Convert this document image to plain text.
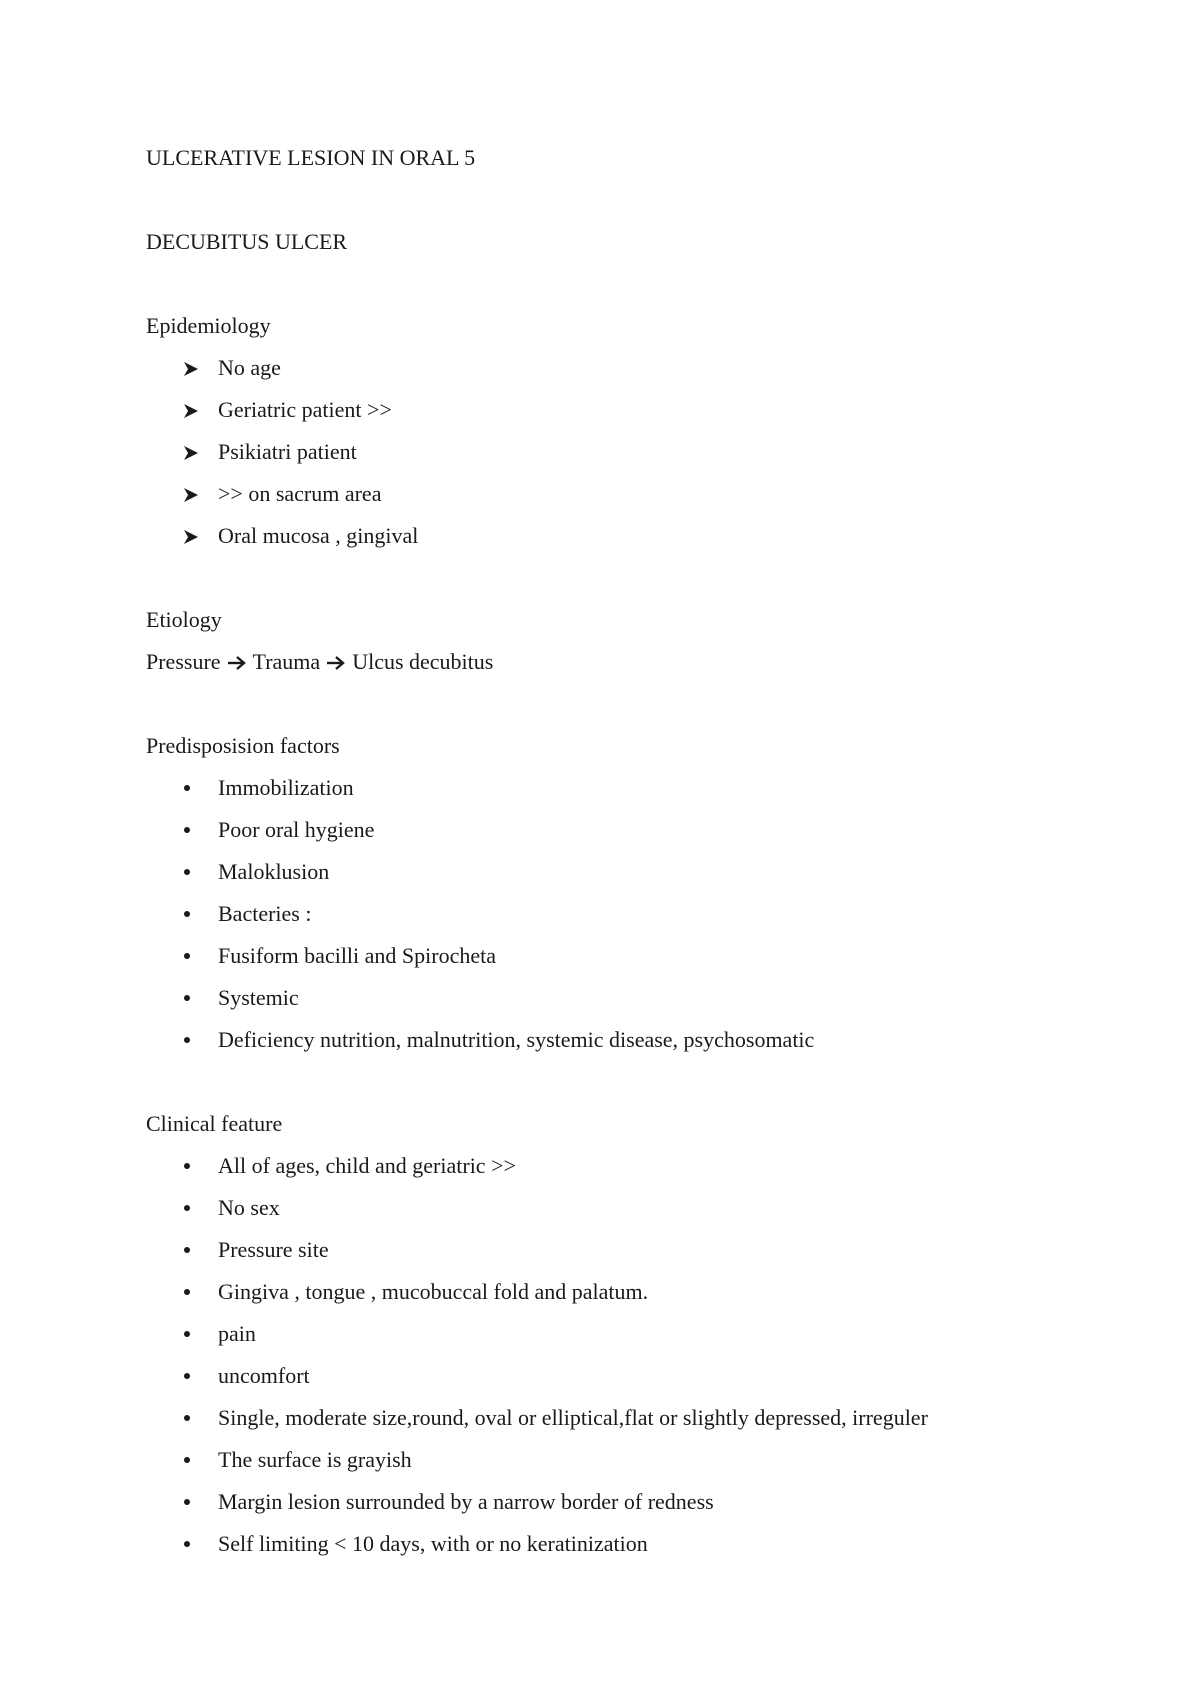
ULCERATIVE LESION IN ORAL 5
DECUBITUS ULCER
Epidemiology
No age
Geriatric patient >>
Psikiatri patient
>> on sacrum area
Oral mucosa , gingival
Etiology
Pressure Trauma Ulcus decubitus
Predisposision factors
Immobilization
Poor oral hygiene
Maloklusion
Bacteries :
Fusiform bacilli and Spirocheta
Systemic
Deficiency nutrition, malnutrition, systemic disease, psychosomatic
Clinical feature
All of ages, child and geriatric >>
No sex
Pressure site
Gingiva , tongue , mucobuccal fold and palatum.
pain
uncomfort
Single, moderate size,round, oval or elliptical,flat or slightly depressed, irreguler
The surface is grayish
Margin lesion surrounded by a narrow border of redness
Self limiting < 10 days, with or no keratinization
